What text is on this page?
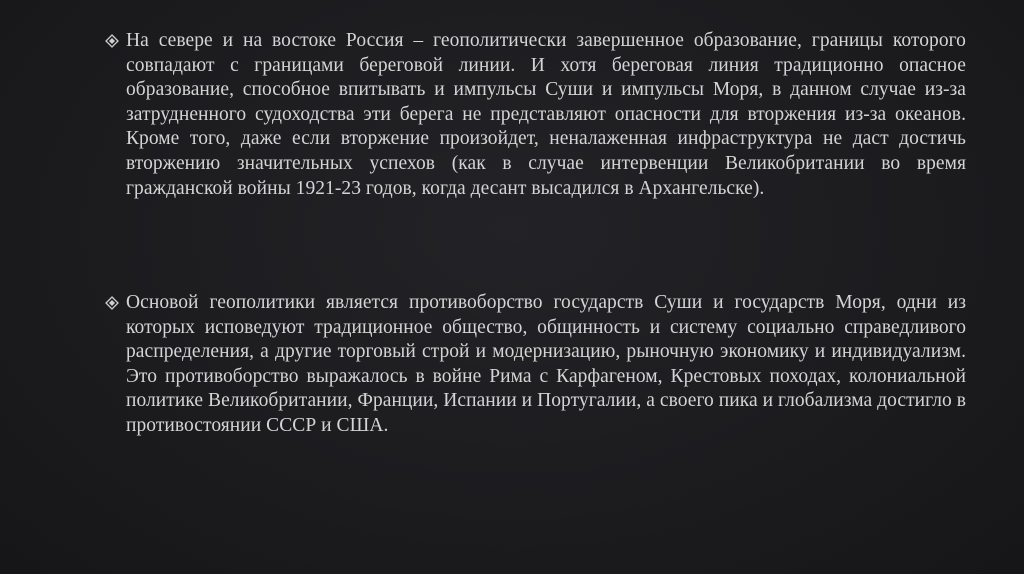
На севере и на востоке Россия – геополитически завершенное образование, границы которого совпадают с границами береговой линии. И хотя береговая линия традиционно опасное образование, способное впитывать и импульсы Суши и импульсы Моря, в данном случае из-за затрудненного судоходства эти берега не представляют опасности для вторжения из-за океанов. Кроме того, даже если вторжение произойдет, неналаженная инфраструктура не даст достичь вторжению значительных успехов (как в случае интервенции Великобритании во время гражданской войны 1921-23 годов, когда десант высадился в Архангельске).
Основой геополитики является противоборство государств Суши и государств Моря, одни из которых исповедуют традиционное общество, общинность и систему социально справедливого распределения, а другие торговый строй и модернизацию, рыночную экономику и индивидуализм. Это противоборство выражалось в войне Рима с Карфагеном, Крестовых походах, колониальной политике Великобритании, Франции, Испании и Португалии, а своего пика и глобализма достигло в противостоянии СССР и США.
